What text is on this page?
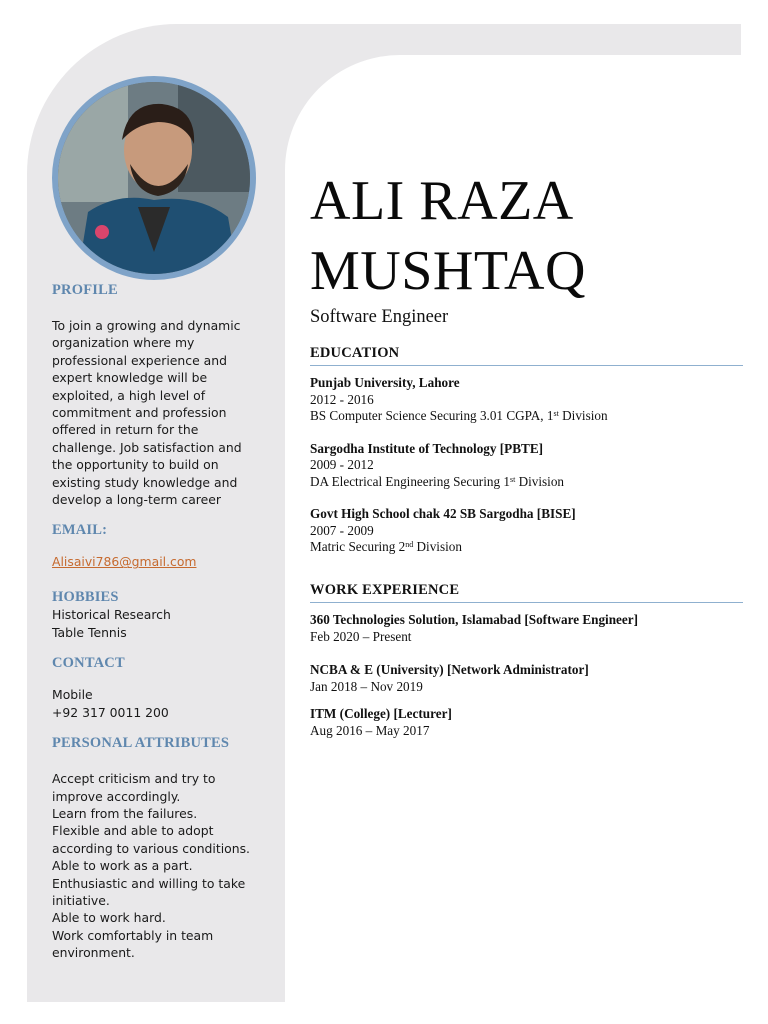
PROFILE
To join a growing and dynamic
organization where my
professional experience and
expert knowledge will be
exploited, a high level of
commitment and profession
offered in return for the
challenge. Job satisfaction and
the opportunity to build on
existing study knowledge and
develop a long-term career
EMAIL:
Alisaivi786@gmail.com
HOBBIES
Historical Research
Table Tennis
CONTACT
Mobile
+92 317 0011 200
PERSONAL ATTRIBUTES
Accept criticism and try to
improve accordingly.
Learn from the failures.
Flexible and able to adopt
according to various conditions.
Able to work as a part.
Enthusiastic and willing to take
initiative.
Able to work hard.
Work comfortably in team
environment.
ALI RAZA
MUSHTAQ
Software Engineer
EDUCATION
Punjab University, Lahore
2012 - 2016
BS Computer Science Securing 3.01 CGPA, 1st Division
Sargodha Institute of Technology [PBTE]
2009 - 2012
DA Electrical Engineering Securing 1st Division
Govt High School chak 42 SB Sargodha [BISE]
2007 - 2009
Matric Securing 2nd Division
WORK EXPERIENCE
360 Technologies Solution, Islamabad [Software Engineer]
Feb 2020 – Present
NCBA & E (University) [Network Administrator]
Jan 2018 – Nov 2019
ITM (College) [Lecturer]
Aug 2016 – May 2017
